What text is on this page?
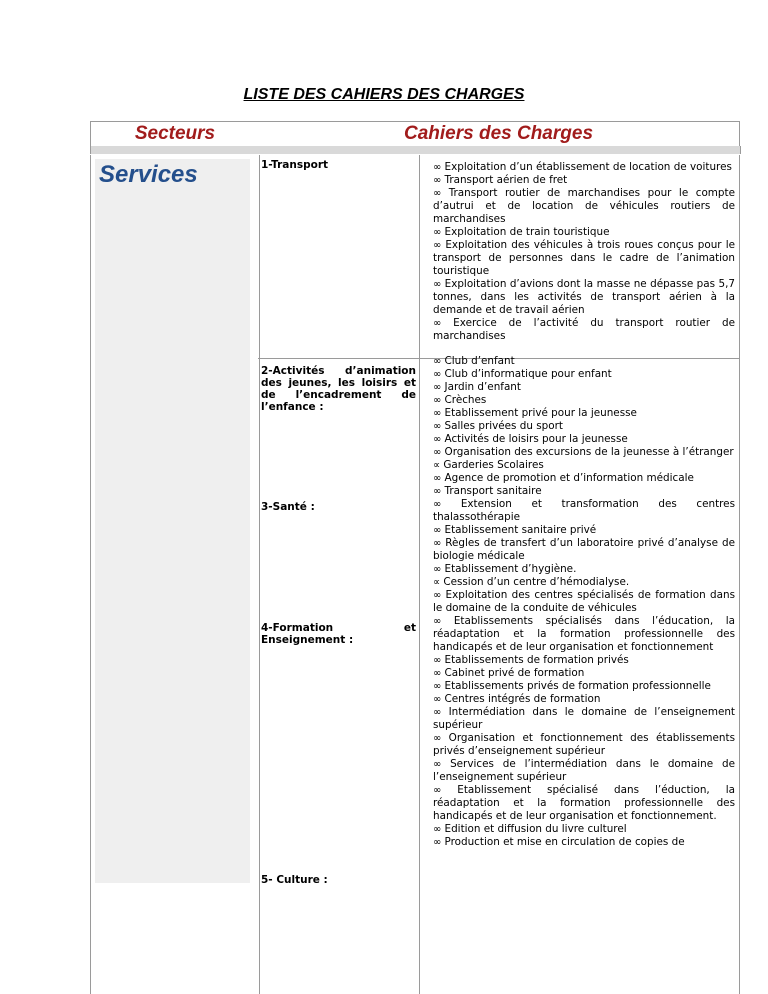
LISTE DES CAHIERS DES CHARGES
Secteurs	Cahiers des Charges
Services	1-Transport
2-Activités d’animation des jeunes, les loisirs et de l’encadrement de l’enfance :
3-Santé :
4-Formation et Enseignement :
5- Culture :
∞ Exploitation d’un établissement de location de voitures
∞ Transport aérien de fret
∞ Transport routier de marchandises pour le compte d’autrui et de location de véhicules routiers de marchandises
∞ Exploitation de train touristique
∞ Exploitation des véhicules à trois roues conçus pour le transport de personnes dans le cadre de l’animation touristique
∞ Exploitation d’avions dont la masse ne dépasse pas 5,7 tonnes, dans les activités de transport aérien à la demande et de travail aérien
∞ Exercice de l’activité du transport routier de marchandises
∞ Club d’enfant
∞ Club d’informatique pour enfant
∞ Jardin d’enfant
∞ Crèches
∞ Etablissement privé pour la jeunesse
∞ Salles privées du sport
∞ Activités de loisirs pour la jeunesse
∞ Organisation des excursions de la jeunesse à l’étranger
∝ Garderies Scolaires
∞ Agence de promotion et d’information médicale
∞ Transport sanitaire
∞ Extension et transformation des centres thalassothérapie
∞ Etablissement sanitaire privé
∞ Règles de transfert d’un laboratoire privé d’analyse de biologie médicale
∞ Etablissement d’hygiène.
∝ Cession d’un centre d’hémodialyse.
∞ Exploitation des centres spécialisés de formation dans le domaine de la conduite de véhicules
∞ Etablissements spécialisés dans l’éducation, la réadaptation et la formation professionnelle des handicapés et de leur organisation et fonctionnement
∞ Etablissements de formation privés
∞ Cabinet privé de formation
∞ Etablissements privés de formation professionnelle
∞ Centres intégrés de formation
∞ Intermédiation dans le domaine de l’enseignement supérieur
∞ Organisation et fonctionnement des établissements privés d’enseignement supérieur
∞ Services de l’intermédiation dans le domaine de l’enseignement supérieur
∞ Etablissement spécialisé dans l’éduction, la réadaptation et la formation professionnelle des handicapés et de leur organisation et fonctionnement.
∞ Edition et diffusion du livre culturel
∞ Production et mise en circulation de copies de
